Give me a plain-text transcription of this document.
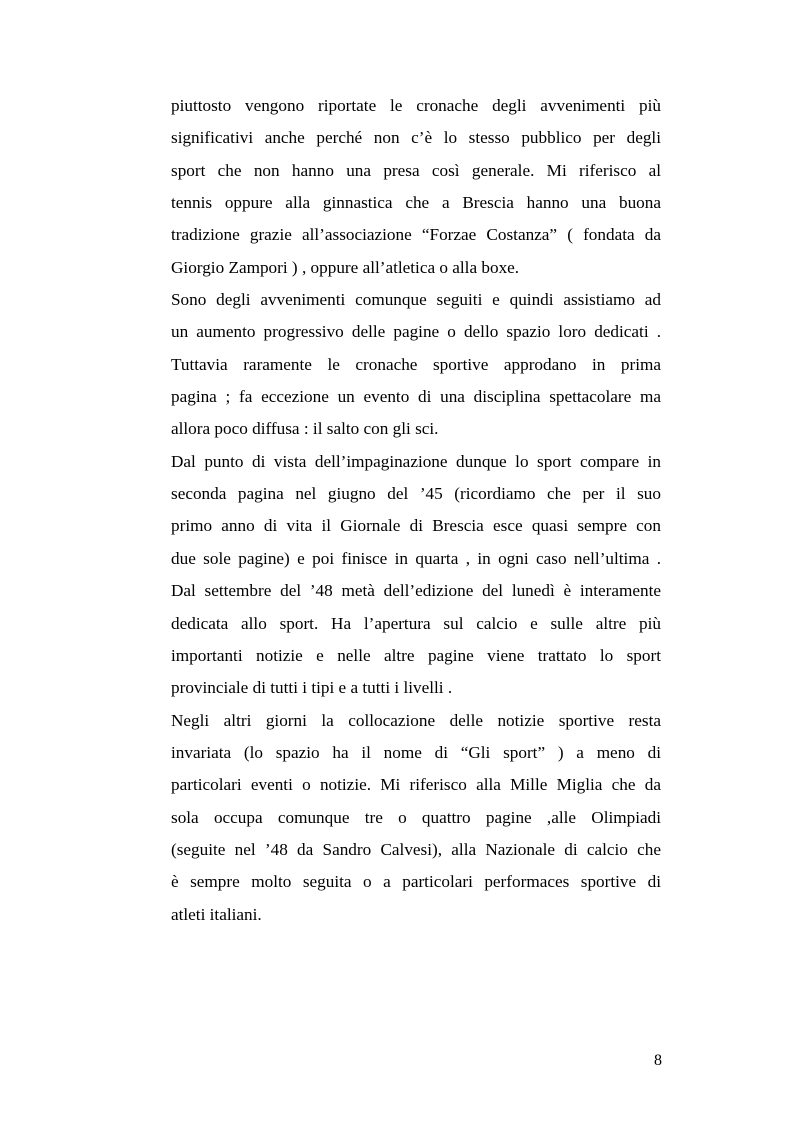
piuttosto vengono riportate le cronache degli avvenimenti più
significativi anche perché non c’è lo stesso pubblico per degli
sport che non hanno una presa così generale. Mi riferisco al
tennis oppure alla ginnastica che a Brescia hanno una buona
tradizione grazie all’associazione “Forzae Costanza” ( fondata da
Giorgio Zampori ) , oppure all’atletica o alla boxe.
Sono degli avvenimenti comunque seguiti e quindi assistiamo ad
un aumento progressivo delle pagine o dello spazio loro dedicati .
Tuttavia raramente le cronache sportive approdano in prima
pagina ; fa eccezione un evento di una disciplina spettacolare ma
allora poco diffusa : il salto con gli sci.
Dal punto di vista dell’impaginazione dunque lo sport compare in
seconda pagina nel giugno del ’45 (ricordiamo che per il suo
primo anno di vita il Giornale di Brescia esce quasi sempre con
due sole pagine) e poi finisce in quarta , in ogni caso nell’ultima .
Dal settembre del ’48 metà dell’edizione del lunedì è interamente
dedicata allo sport. Ha l’apertura sul calcio e sulle altre più
importanti notizie e nelle altre pagine viene trattato lo sport
provinciale di tutti i tipi e a tutti i livelli .
Negli altri giorni la collocazione delle notizie sportive resta
invariata (lo spazio ha il nome di “Gli sport” ) a meno di
particolari eventi o notizie. Mi riferisco alla Mille Miglia che da
sola occupa comunque tre o quattro pagine ,alle Olimpiadi
(seguite nel ’48 da Sandro Calvesi), alla Nazionale di calcio che
è sempre molto seguita o a particolari performaces sportive di
atleti italiani.
8
